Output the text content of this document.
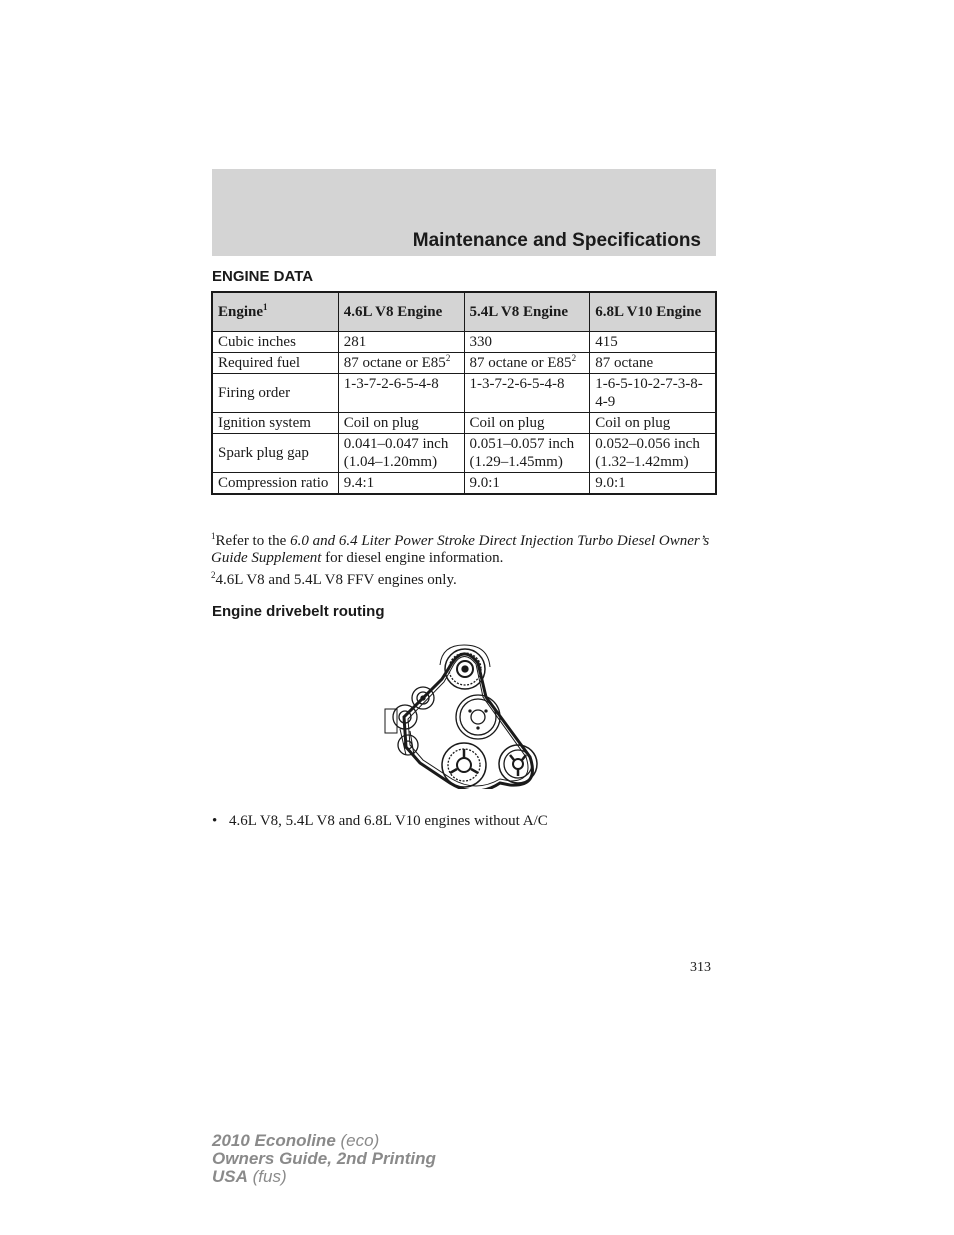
Maintenance and Specifications
ENGINE DATA
Engine$^1$	4.6L V8 Engine	5.4L V8 Engine	6.8L V10 Engine
Cubic inches	281	330	415
Required fuel	87 octane or $E85^2$	87 octane or $E85^2$	87 octane
Firing order	1-3-7-2-6-5-4-8	1-3-7-2-6-5-4-8	1-6-5-10-2-7-3-8-4-9
Ignition system	Coil on plug	Coil on plug	Coil on plug
Spark plug gap	0.041–0.047 inch (1.04–1.20mm)	0.051–0.057 inch (1.29–1.45mm)	0.052–0.056 inch (1.32–1.42mm)
Compression ratio	9.4:1	9.0:1	9.0:1
$^1$Refer to the 6.0 and 6.4 Liter Power Stroke Direct Injection Turbo Diesel Owner’s Guide Supplement for diesel engine information.
$^2$4.6L V8 and 5.4L V8 FFV engines only.
Engine drivebelt routing
• 4.6L V8, 5.4L V8 and 6.8L V10 engines without A/C
313
2010 Econoline (eco)
Owners Guide, 2nd Printing
USA (fus)
